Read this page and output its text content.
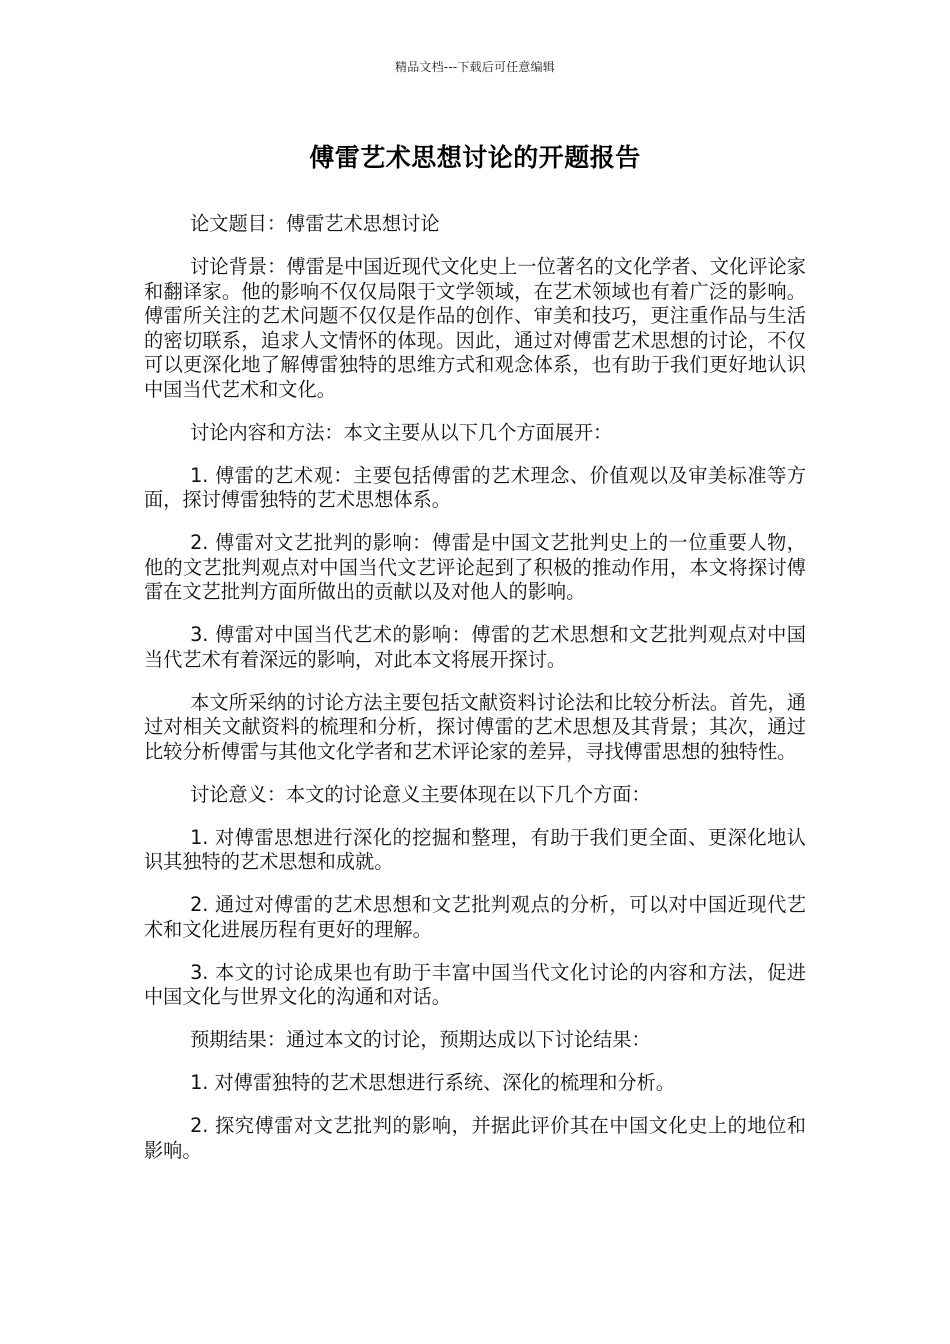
精品文档---下载后可任意编辑
傅雷艺术思想讨论的开题报告

论文题目：傅雷艺术思想讨论

讨论背景：傅雷是中国近现代文化史上一位著名的文化学者、文化评论家和翻译家。他的影响不仅仅局限于文学领域，在艺术领域也有着广泛的影响。傅雷所关注的艺术问题不仅仅是作品的创作、审美和技巧，更注重作品与生活的密切联系，追求人文情怀的体现。因此，通过对傅雷艺术思想的讨论，不仅可以更深化地了解傅雷独特的思维方式和观念体系，也有助于我们更好地认识中国当代艺术和文化。

讨论内容和方法：本文主要从以下几个方面展开：

1. 傅雷的艺术观：主要包括傅雷的艺术理念、价值观以及审美标准等方面，探讨傅雷独特的艺术思想体系。

2. 傅雷对文艺批判的影响：傅雷是中国文艺批判史上的一位重要人物，他的文艺批判观点对中国当代文艺评论起到了积极的推动作用，本文将探讨傅雷在文艺批判方面所做出的贡献以及对他人的影响。

3. 傅雷对中国当代艺术的影响：傅雷的艺术思想和文艺批判观点对中国当代艺术有着深远的影响，对此本文将展开探讨。

本文所采纳的讨论方法主要包括文献资料讨论法和比较分析法。首先，通过对相关文献资料的梳理和分析，探讨傅雷的艺术思想及其背景；其次，通过比较分析傅雷与其他文化学者和艺术评论家的差异，寻找傅雷思想的独特性。

讨论意义：本文的讨论意义主要体现在以下几个方面：

1. 对傅雷思想进行深化的挖掘和整理，有助于我们更全面、更深化地认识其独特的艺术思想和成就。

2. 通过对傅雷的艺术思想和文艺批判观点的分析，可以对中国近现代艺术和文化进展历程有更好的理解。

3. 本文的讨论成果也有助于丰富中国当代文化讨论的内容和方法，促进中国文化与世界文化的沟通和对话。

预期结果：通过本文的讨论，预期达成以下讨论结果：

1. 对傅雷独特的艺术思想进行系统、深化的梳理和分析。

2. 探究傅雷对文艺批判的影响，并据此评价其在中国文化史上的地位和影响。
